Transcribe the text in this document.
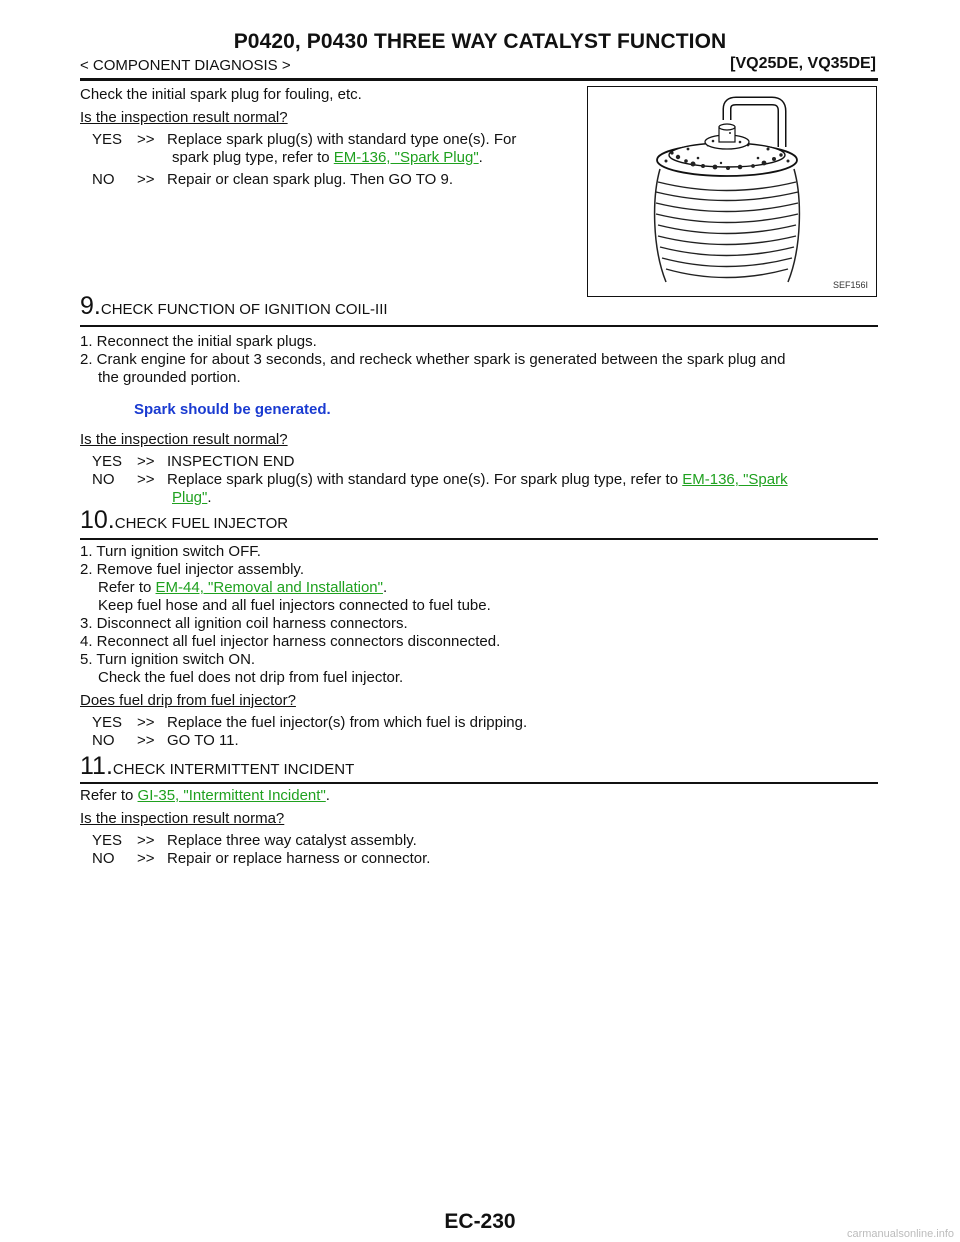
P0420, P0430 THREE WAY CATALYST FUNCTION
< COMPONENT DIAGNOSIS >	[VQ25DE, VQ35DE]
Check the initial spark plug for fouling, etc.
Is the inspection result normal?
YES >> Replace spark plug(s) with standard type one(s). For
spark plug type, refer to EM-136, "Spark Plug".
NO >> Repair or clean spark plug. Then GO TO 9.
SEF156I
9.CHECK FUNCTION OF IGNITION COIL-III
1. Reconnect the initial spark plugs.
2. Crank engine for about 3 seconds, and recheck whether spark is generated between the spark plug and
the grounded portion.
Spark should be generated.
Is the inspection result normal?
YES >> INSPECTION END
NO >> Replace spark plug(s) with standard type one(s). For spark plug type, refer to EM-136, "Spark
Plug".
10.CHECK FUEL INJECTOR
1. Turn ignition switch OFF.
2. Remove fuel injector assembly.
Refer to EM-44, "Removal and Installation".
Keep fuel hose and all fuel injectors connected to fuel tube.
3. Disconnect all ignition coil harness connectors.
4. Reconnect all fuel injector harness connectors disconnected.
5. Turn ignition switch ON.
Check the fuel does not drip from fuel injector.
Does fuel drip from fuel injector?
YES >> Replace the fuel injector(s) from which fuel is dripping.
NO >> GO TO 11.
11.CHECK INTERMITTENT INCIDENT
Refer to GI-35, "Intermittent Incident".
Is the inspection result norma?
YES >> Replace three way catalyst assembly.
NO >> Repair or replace harness or connector.
EC-230
carmanualsonline.info
